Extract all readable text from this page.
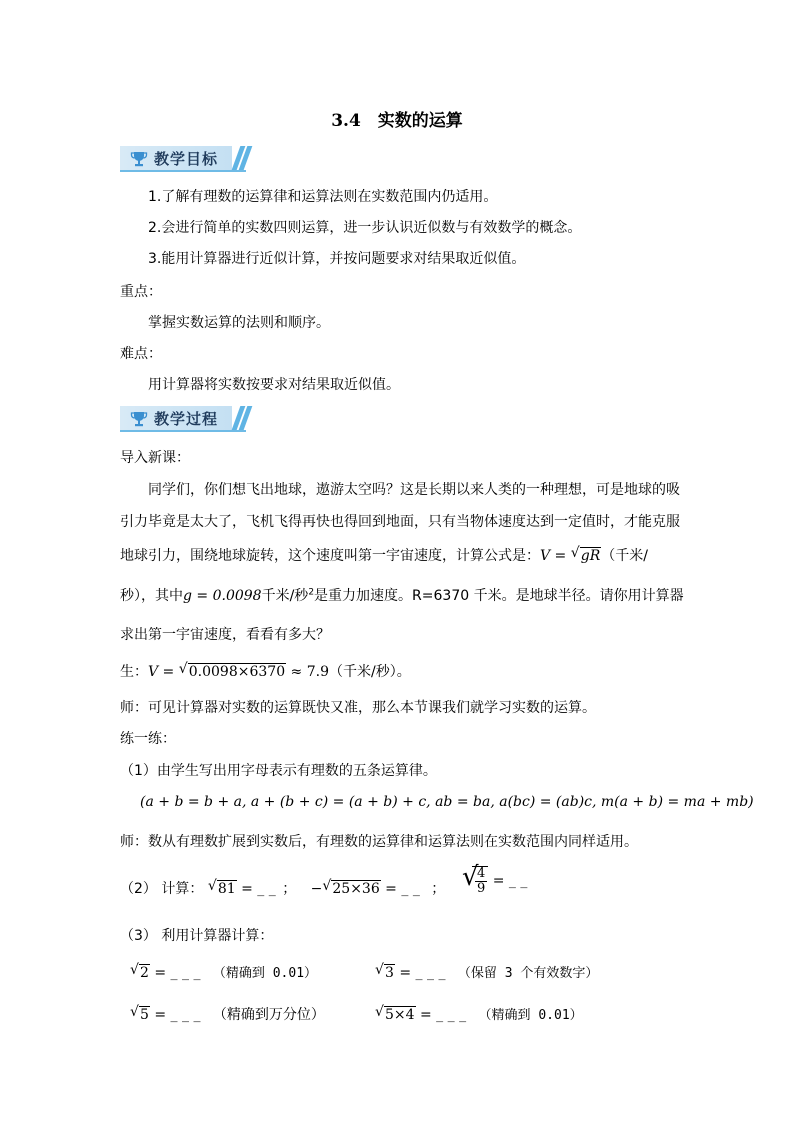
3.4　实数的运算
教学目标
1.了解有理数的运算律和运算法则在实数范围内仍适用。
2.会进行简单的实数四则运算，进一步认识近似数与有效数学的概念。
3.能用计算器进行近似计算，并按问题要求对结果取近似值。
重点：
掌握实数运算的法则和顺序。
难点：
用计算器将实数按要求对结果取近似值。
教学过程
导入新课：
同学们，你们想飞出地球，遨游太空吗？这是长期以来人类的一种理想，可是地球的吸
引力毕竟是太大了，飞机飞得再快也得回到地面，只有当物体速度达到一定值时，才能克服
地球引力，围绕地球旋转，这个速度叫第一宇宙速度，计算公式是：V = √ gR（千米/
秒），其中g = 0.0098千米/秒$^2$是重力加速度。R=6370 千米。是地球半径。请你用计算器
求出第一宇宙速度，看看有多大？
生：V = √ 0.0098×6370 ≈ 7.9（千米/秒）。
师：可见计算器对实数的运算既快又准，那么本节课我们就学习实数的运算。
练一练：
（1）由学生写出用字母表示有理数的五条运算律。
(a + b = b + a, a + (b + c) = (a + b) + c, ab = ba, a(bc) = (ab)c, m(a + b) = ma + mb)
师：数从有理数扩展到实数后，有理数的运算律和运算法则在实数范围内同样适用。
（2） 计算： √ 81 = _ _ ； − √ 25×36 = _ _ ； √
$\frac{4}{9}$ = _ _
（3） 利用计算器计算：
√ 2 = _ _ _ （精确到 0.01）	√ 3 = _ _ _ （保留 3 个有效数字）
√ 5 = _ _ _ （精确到万分位）	√ 5×4 = _ _ _ （精确到 0.01）
